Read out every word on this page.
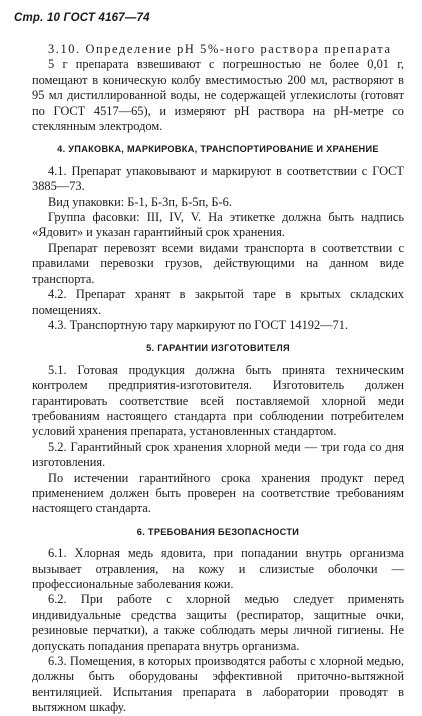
Стр. 10 ГОСТ 4167—74

3.10. Определение pH 5%-ного раствора препарата

5 г препарата взвешивают с погрешностью не более 0,01 г, помещают в коническую колбу вместимостью 200 мл, растворяют в 95 мл дистиллированной воды, не содержащей углекислоты (готовят по ГОСТ 4517—65), и измеряют pH раствора на pH-метре со стеклянным электродом.

4. УПАКОВКА, МАРКИРОВКА, ТРАНСПОРТИРОВАНИЕ И ХРАНЕНИЕ

4.1. Препарат упаковывают и маркируют в соответствии с ГОСТ 3885—73.

Вид упаковки: Б-1, Б-3п, Б-5п, Б-6.

Группа фасовки: III, IV, V. На этикетке должна быть надпись «Ядовит» и указан гарантийный срок хранения.

Препарат перевозят всеми видами транспорта в соответствии с правилами перевозки грузов, действующими на данном виде транспорта.

4.2. Препарат хранят в закрытой таре в крытых складских помещениях.

4.3. Транспортную тару маркируют по ГОСТ 14192—71.

5. ГАРАНТИИ ИЗГОТОВИТЕЛЯ

5.1. Готовая продукция должна быть принята техническим контролем предприятия-изготовителя. Изготовитель должен гарантировать соответствие всей поставляемой хлорной меди требованиям настоящего стандарта при соблюдении потребителем условий хранения препарата, установленных стандартом.

5.2. Гарантийный срок хранения хлорной меди — три года со дня изготовления.

По истечении гарантийного срока хранения продукт перед применением должен быть проверен на соответствие требованиям настоящего стандарта.

6. ТРЕБОВАНИЯ БЕЗОПАСНОСТИ

6.1. Хлорная медь ядовита, при попадании внутрь организма вызывает отравления, на кожу и слизистые оболочки — профессиональные заболевания кожи.

6.2. При работе с хлорной медью следует применять индивидуальные средства защиты (респиратор, защитные очки, резиновые перчатки), а также соблюдать меры личной гигиены. Не допускать попадания препарата внутрь организма.

6.3. Помещения, в которых производятся работы с хлорной медью, должны быть оборудованы эффективной приточно-вытяжной вентиляцией. Испытания препарата в лаборатории проводят в вытяжном шкафу.
